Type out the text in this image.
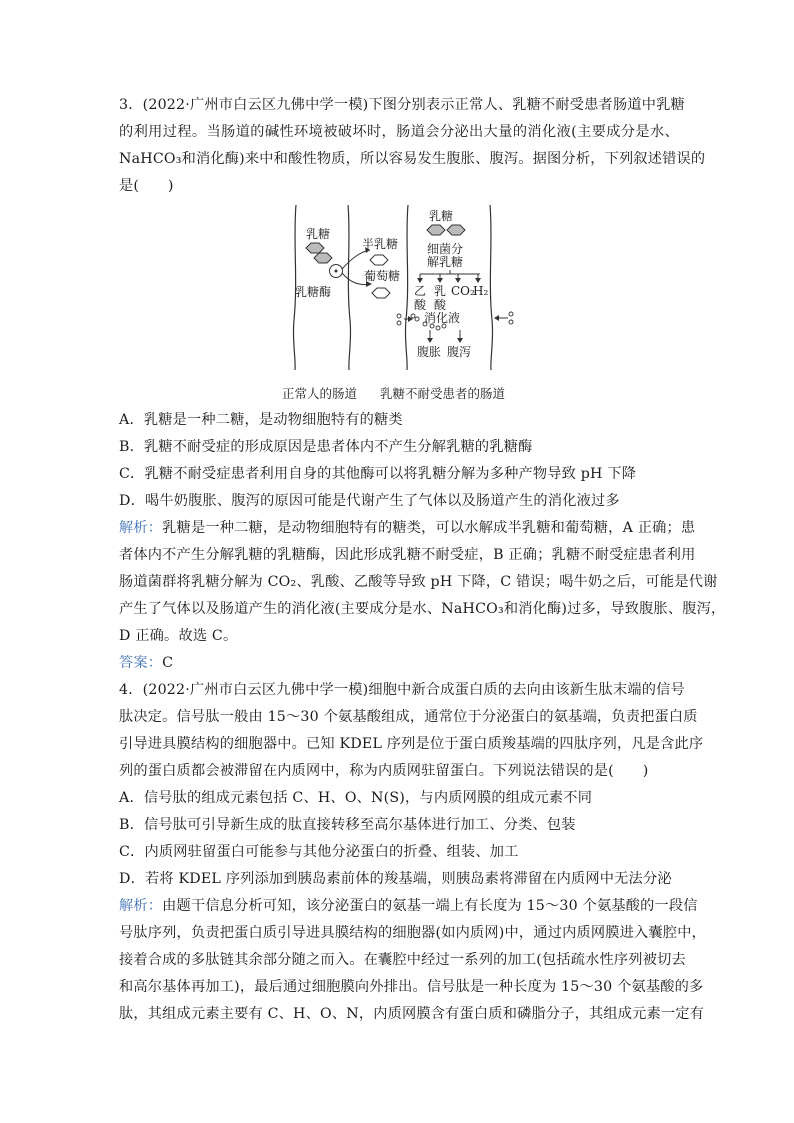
3．(2022·广州市白云区九佛中学一模)下图分别表示正常人、乳糖不耐受患者肠道中乳糖
的利用过程。当肠道的碱性环境被破坏时，肠道会分泌出大量的消化液(主要成分是水、
NaHCO₃和消化酶)来中和酸性物质，所以容易发生腹胀、腹泻。据图分析，下列叙述错误的
是(　　)
乳糖
半乳糖
葡萄糖
乳糖酶
乳糖
细菌分
解乳糖
乙
酸
乳
酸
CO₂
H₂
消化液
腹胀 腹泻
正常人的肠道 乳糖不耐受患者的肠道
A．乳糖是一种二糖，是动物细胞特有的糖类
B．乳糖不耐受症的形成原因是患者体内不产生分解乳糖的乳糖酶
C．乳糖不耐受症患者利用自身的其他酶可以将乳糖分解为多种产物导致 pH 下降
D．喝牛奶腹胀、腹泻的原因可能是代谢产生了气体以及肠道产生的消化液过多
解析：乳糖是一种二糖，是动物细胞特有的糖类，可以水解成半乳糖和葡萄糖，A 正确；患
者体内不产生分解乳糖的乳糖酶，因此形成乳糖不耐受症，B 正确；乳糖不耐受症患者利用
肠道菌群将乳糖分解为 CO₂、乳酸、乙酸等导致 pH 下降，C 错误；喝牛奶之后，可能是代谢
产生了气体以及肠道产生的消化液(主要成分是水、NaHCO₃和消化酶)过多，导致腹胀、腹泻，
D 正确。故选 C。
答案：C
4．(2022·广州市白云区九佛中学一模)细胞中新合成蛋白质的去向由该新生肽末端的信号
肽决定。信号肽一般由 15～30 个氨基酸组成，通常位于分泌蛋白的氨基端，负责把蛋白质
引导进具膜结构的细胞器中。已知 KDEL 序列是位于蛋白质羧基端的四肽序列，凡是含此序
列的蛋白质都会被滞留在内质网中，称为内质网驻留蛋白。下列说法错误的是(　　)
A．信号肽的组成元素包括 C、H、O、N(S)，与内质网膜的组成元素不同
B．信号肽可引导新生成的肽直接转移至高尔基体进行加工、分类、包装
C．内质网驻留蛋白可能参与其他分泌蛋白的折叠、组装、加工
D．若将 KDEL 序列添加到胰岛素前体的羧基端，则胰岛素将滞留在内质网中无法分泌
解析：由题干信息分析可知，该分泌蛋白的氨基一端上有长度为 15～30 个氨基酸的一段信
号肽序列，负责把蛋白质引导进具膜结构的细胞器(如内质网)中，通过内质网膜进入囊腔中，
接着合成的多肽链其余部分随之而入。在囊腔中经过一系列的加工(包括疏水性序列被切去
和高尔基体再加工)，最后通过细胞膜向外排出。信号肽是一种长度为 15～30 个氨基酸的多
肽，其组成元素主要有 C、H、O、N，内质网膜含有蛋白质和磷脂分子，其组成元素一定有
